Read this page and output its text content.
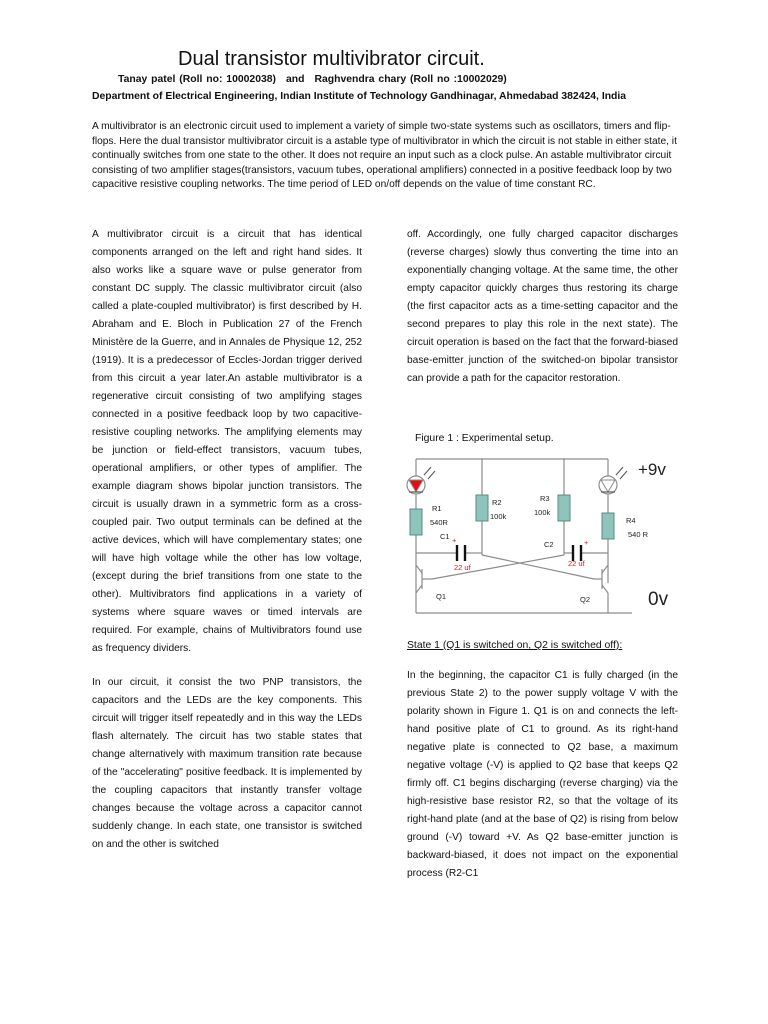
Dual transistor multivibrator circuit.
Tanay patel (Roll no: 10002038) and Raghvendra chary (Roll no :10002029)
Department of Electrical Engineering, Indian Institute of Technology Gandhinagar, Ahmedabad 382424, India

A multivibrator is an electronic circuit used to implement a variety of simple two-state systems such as oscillators, timers and flip-flops. Here the dual transistor multivibrator circuit is a astable type of multivibrator in which the circuit is not stable in either state, it continually switches from one state to the other. It does not require an input such as a clock pulse. An astable multivibrator circuit consisting of two amplifier stages(transistors, vacuum tubes, operational amplifiers) connected in a positive feedback loop by two capacitive resistive coupling networks. The time period of LED on/off depends on the value of time constant RC.

A multivibrator circuit is a circuit that has identical components arranged on the left and right hand sides. It also works like a square wave or pulse generator from constant DC supply. The classic multivibrator circuit (also called a plate-coupled multivibrator) is first described by H. Abraham and E. Bloch in Publication 27 of the French Ministère de la Guerre, and in Annales de Physique 12, 252 (1919). It is a predecessor of Eccles-Jordan trigger derived from this circuit a year later.An astable multivibrator is a regenerative circuit consisting of two amplifying stages connected in a positive feedback loop by two capacitive-resistive coupling networks. The amplifying elements may be junction or field-effect transistors, vacuum tubes, operational amplifiers, or other types of amplifier. The example diagram shows bipolar junction transistors. The circuit is usually drawn in a symmetric form as a cross-coupled pair. Two output terminals can be defined at the active devices, which will have complementary states; one will have high voltage while the other has low voltage, (except during the brief transitions from one state to the other). Multivibrators find applications in a variety of systems where square waves or timed intervals are required. For example, chains of Multivibrators found use as frequency dividers.

In our circuit, it consist the two PNP transistors, the capacitors and the LEDs are the key components. This circuit will trigger itself repeatedly and in this way the LEDs flash alternately. The circuit has two stable states that change alternatively with maximum transition rate because of the "accelerating" positive feedback. It is implemented by the coupling capacitors that instantly transfer voltage changes because the voltage across a capacitor cannot suddenly change. In each state, one transistor is switched on and the other is switched

off. Accordingly, one fully charged capacitor discharges (reverse charges) slowly thus converting the time into an exponentially changing voltage. At the same time, the other empty capacitor quickly charges thus restoring its charge (the first capacitor acts as a time-setting capacitor and the second prepares to play this role in the next state). The circuit operation is based on the fact that the forward-biased base-emitter junction of the switched-on bipolar transistor can provide a path for the capacitor restoration.

Figure 1 : Experimental setup.
R1
540R
R2
100k
R3
100k
R4
540 R
C1
C2
+	+
22 uf	22 uf
Q1	Q2
+9v
0v
State 1 (Q1 is switched on, Q2 is switched off):

In the beginning, the capacitor C1 is fully charged (in the previous State 2) to the power supply voltage V with the polarity shown in Figure 1. Q1 is on and connects the left-hand positive plate of C1 to ground. As its right-hand negative plate is connected to Q2 base, a maximum negative voltage (-V) is applied to Q2 base that keeps Q2 firmly off. C1 begins discharging (reverse charging) via the high-resistive base resistor R2, so that the voltage of its right-hand plate (and at the base of Q2) is rising from below ground (-V) toward +V. As Q2 base-emitter junction is backward-biased, it does not impact on the exponential process (R2-C1
